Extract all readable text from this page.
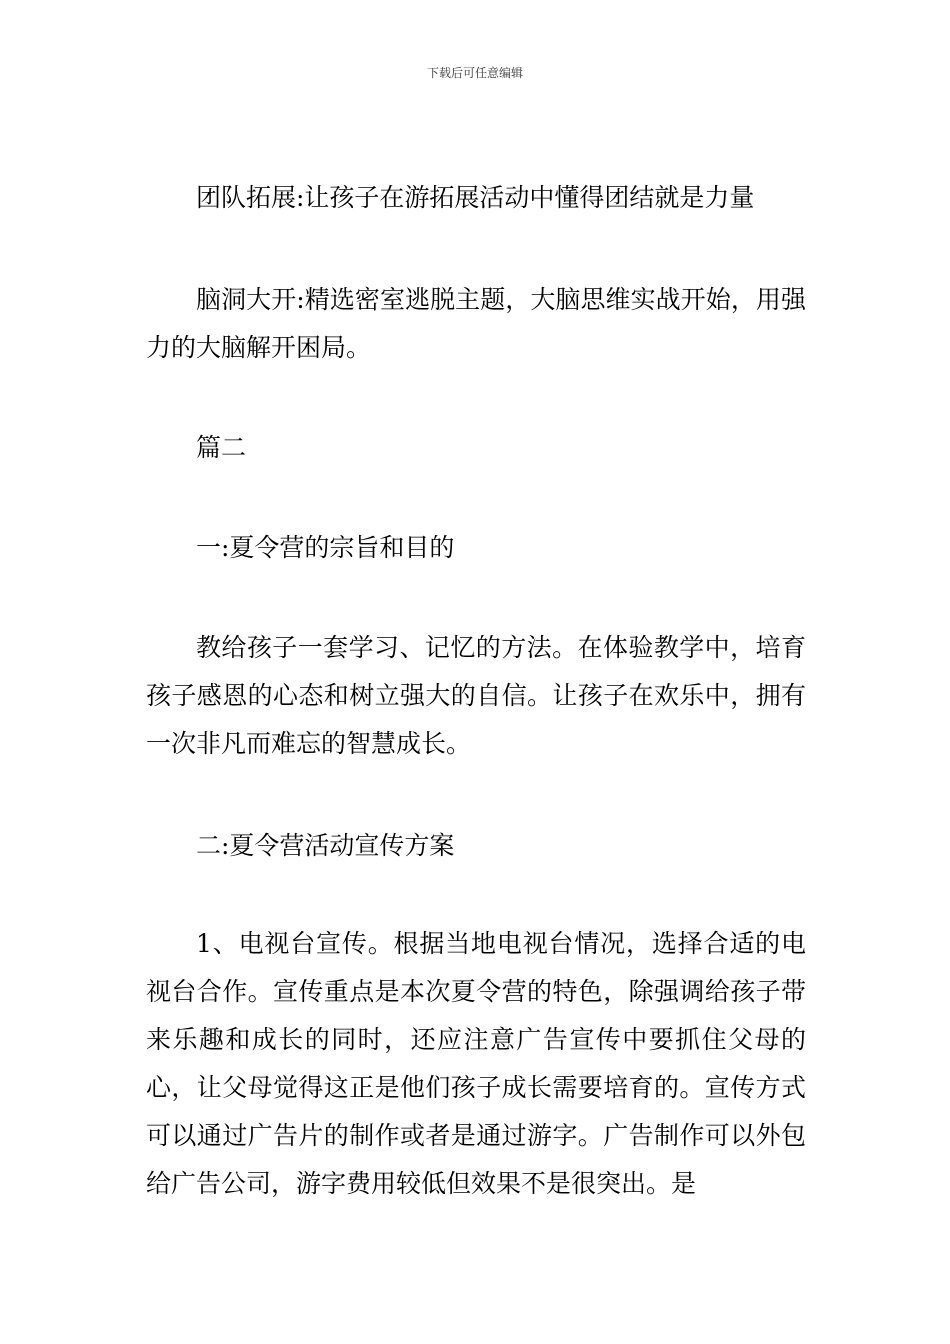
下载后可任意编辑

团队拓展:让孩子在游拓展活动中懂得团结就是力量

脑洞大开:精选密室逃脱主题，大脑思维实战开始，用强力的大脑解开困局。

篇二

一:夏令营的宗旨和目的

教给孩子一套学习、记忆的方法。在体验教学中，培育孩子感恩的心态和树立强大的自信。让孩子在欢乐中，拥有一次非凡而难忘的智慧成长。

二:夏令营活动宣传方案

1、电视台宣传。根据当地电视台情况，选择合适的电视台合作。宣传重点是本次夏令营的特色，除强调给孩子带来乐趣和成长的同时，还应注意广告宣传中要抓住父母的心，让父母觉得这正是他们孩子成长需要培育的。宣传方式可以通过广告片的制作或者是通过游字。广告制作可以外包给广告公司，游字费用较低但效果不是很突出。是
